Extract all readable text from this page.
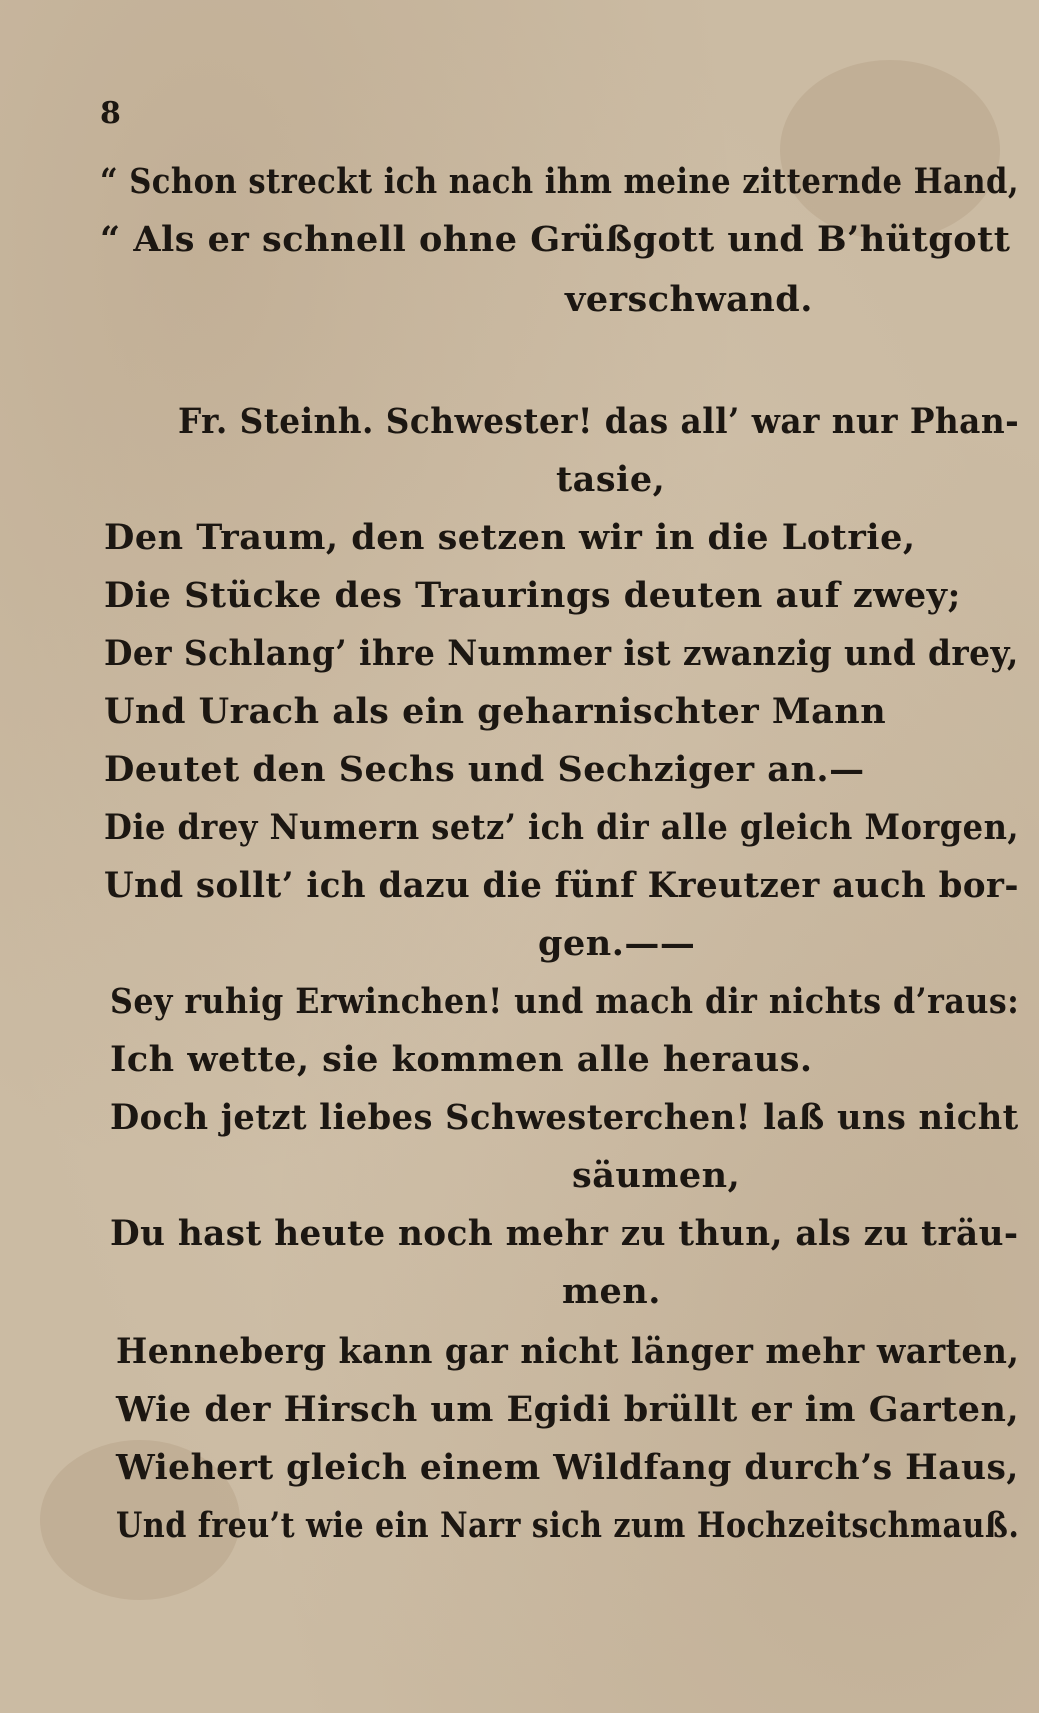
8
“ Schon streckt ich nach ihm meine zitternde Hand,
“ Als er schnell ohne Grüßgott und B’hütgott
verschwand.
Fr. Steinh. Schwester! das all’ war nur Phan-
tasie,
Den Traum, den setzen wir in die Lotrie,
Die Stücke des Traurings deuten auf zwey;
Der Schlang’ ihre Nummer ist zwanzig und drey,
Und Urach als ein geharnischter Mann
Deutet den Sechs und Sechziger an.—
Die drey Numern setz’ ich dir alle gleich Morgen,
Und sollt’ ich dazu die fünf Kreutzer auch bor-
gen.——
Sey ruhig Erwinchen! und mach dir nichts d’raus:
Ich wette, sie kommen alle heraus.
Doch jetzt liebes Schwesterchen! laß uns nicht
säumen,
Du hast heute noch mehr zu thun, als zu träu-
men.
Henneberg kann gar nicht länger mehr warten,
Wie der Hirsch um Egidi brüllt er im Garten,
Wiehert gleich einem Wildfang durch’s Haus,
Und freu’t wie ein Narr sich zum Hochzeitschmauß.
